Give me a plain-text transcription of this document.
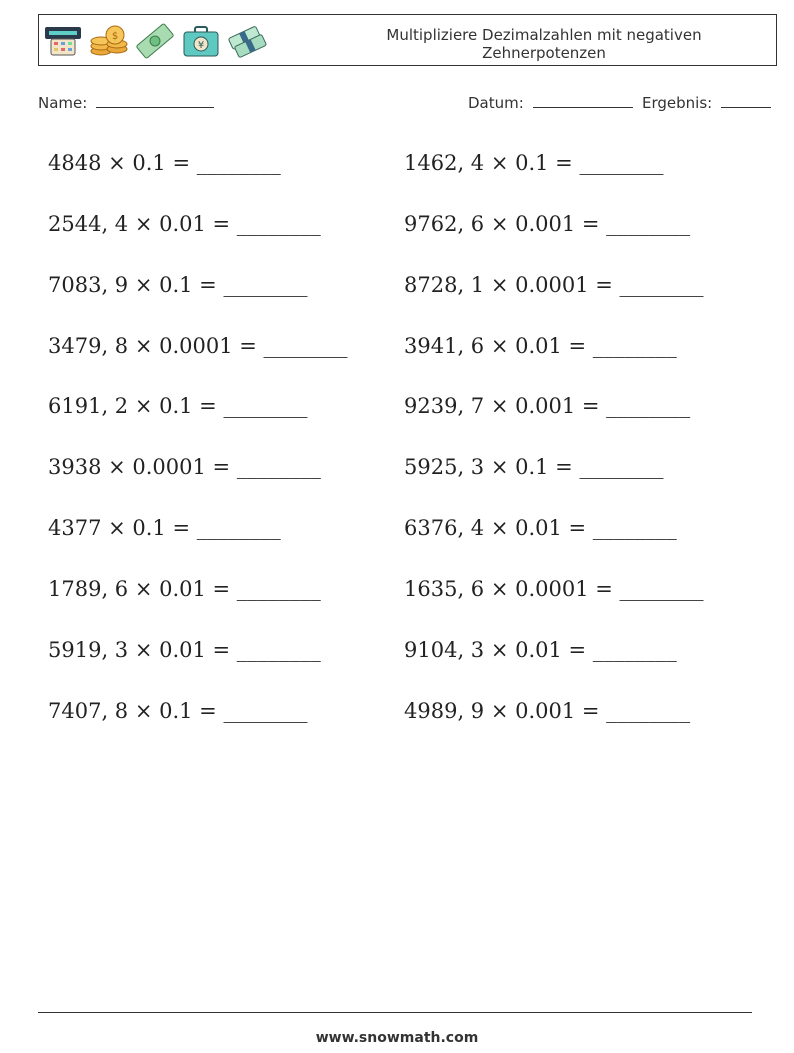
$
¥
Multipliziere Dezimalzahlen mit negativen
Zehnerpotenzen
Name:	Datum:	Ergebnis:
4848 × 0.1 = ________	1462, 4 × 0.1 = ________
2544, 4 × 0.01 = ________	9762, 6 × 0.001 = ________
7083, 9 × 0.1 = ________	8728, 1 × 0.0001 = ________
3479, 8 × 0.0001 = ________	3941, 6 × 0.01 = ________
6191, 2 × 0.1 = ________	9239, 7 × 0.001 = ________
3938 × 0.0001 = ________	5925, 3 × 0.1 = ________
4377 × 0.1 = ________	6376, 4 × 0.01 = ________
1789, 6 × 0.01 = ________	1635, 6 × 0.0001 = ________
5919, 3 × 0.01 = ________	9104, 3 × 0.01 = ________
7407, 8 × 0.1 = ________	4989, 9 × 0.001 = ________
www.snowmath.com
